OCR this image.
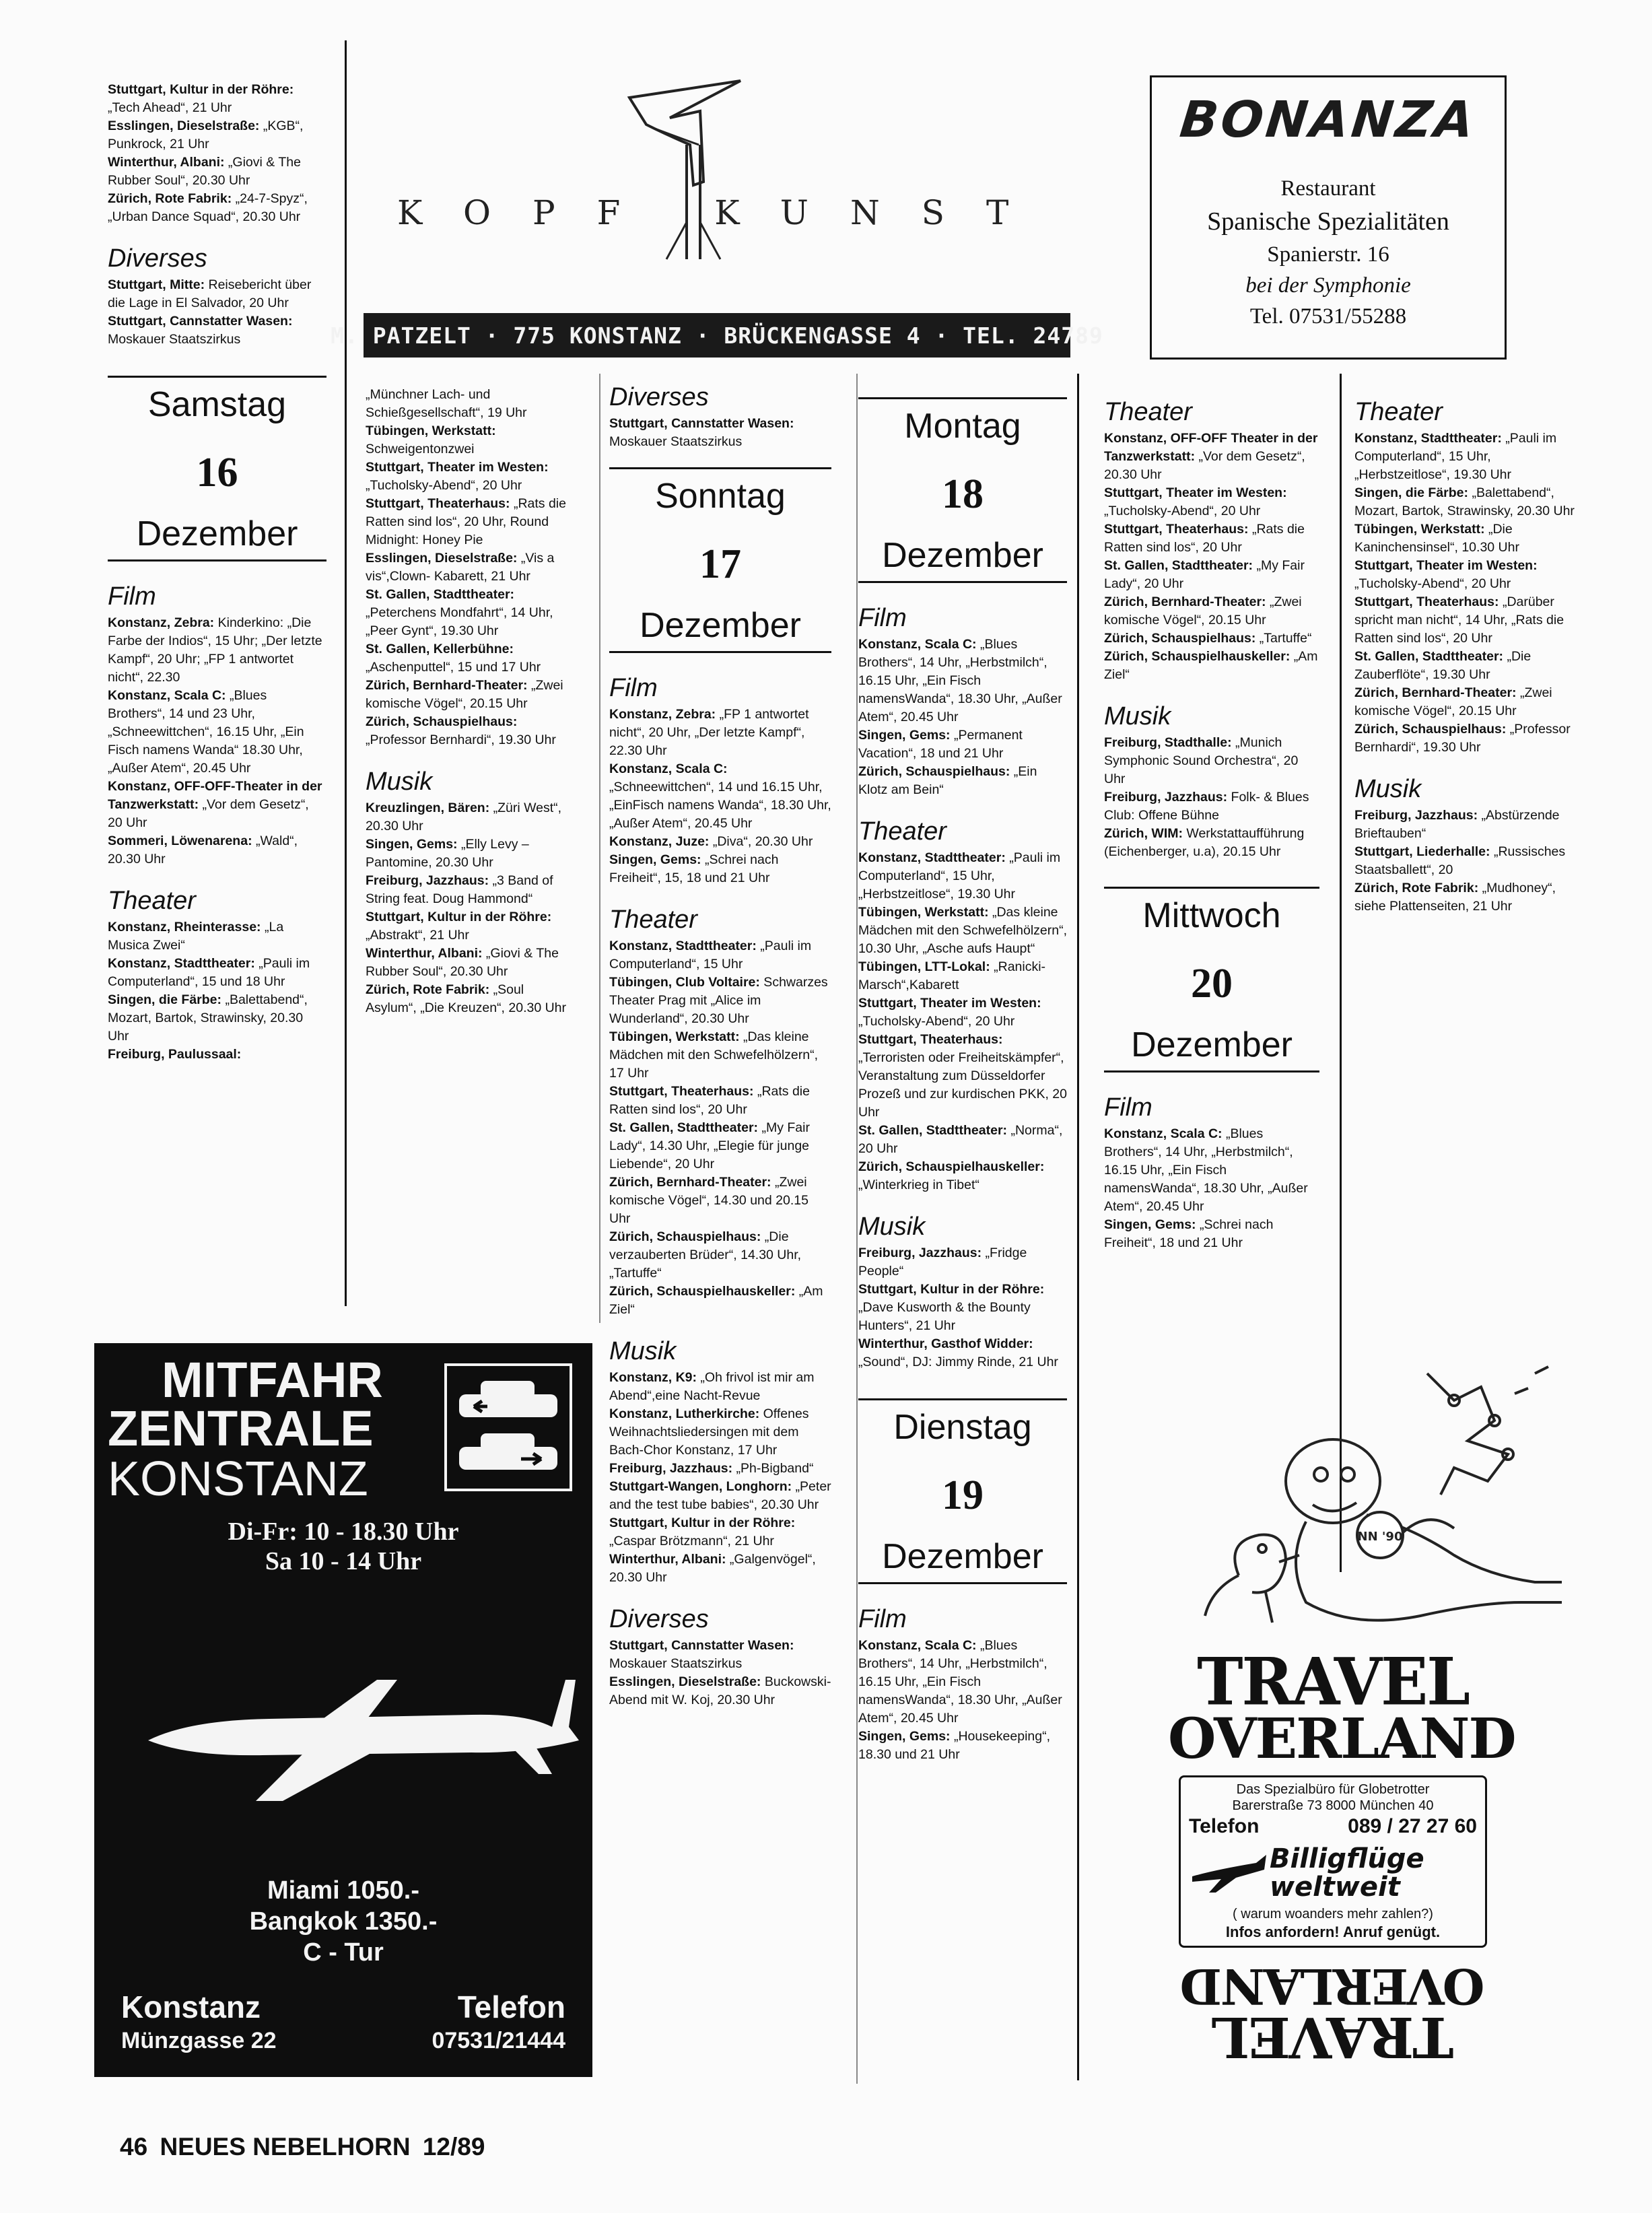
Stuttgart, Kultur in der Röhre: „Tech Ahead“, 21 Uhr

Esslingen, Dieselstraße: „KGB“, Punkrock, 21 Uhr

Winterthur, Albani: „Giovi & The Rubber Soul“, 20.30 Uhr

Zürich, Rote Fabrik: „24-7-Spyz“, „Urban Dance Squad“, 20.30 Uhr

Diverses

Stuttgart, Mitte: Reisebericht über die Lage in El Salvador, 20 Uhr

Stuttgart, Cannstatter Wasen: Moskauer Staatszirkus

Samstag
16
Dezember
Film

Konstanz, Zebra: Kinderkino: „Die Farbe der Indios“, 15 Uhr; „Der letzte Kampf“, 20 Uhr; „FP 1 antwortet nicht“, 22.30

Konstanz, Scala C: „Blues Brothers“, 14 und 23 Uhr, „Schneewittchen“, 16.15 Uhr, „Ein Fisch namens Wanda“ 18.30 Uhr, „Außer Atem“, 20.45 Uhr

Konstanz, OFF-OFF-Theater in der Tanzwerkstatt: „Vor dem Gesetz“, 20 Uhr

Sommeri, Löwenarena: „Wald“, 20.30 Uhr

Theater

Konstanz, Rheinterasse: „La Musica Zwei“

Konstanz, Stadttheater: „Pauli im Computerland“, 15 und 18 Uhr

Singen, die Färbe: „Balettabend“, Mozart, Bartok, Strawinsky, 20.30 Uhr

Freiburg, Paulussaal:

KOPF KUNST
M. PATZELT · 775 KONSTANZ · BRÜCKENGASSE 4 · TEL. 24789

„Münchner Lach- und Schießgesellschaft“, 19 Uhr

Tübingen, Werkstatt: Schweigentonzwei

Stuttgart, Theater im Westen: „Tucholsky-Abend“, 20 Uhr

Stuttgart, Theaterhaus: „Rats die Ratten sind los“, 20 Uhr, Round Midnight: Honey Pie

Esslingen, Dieselstraße: „Vis a vis“,Clown- Kabarett, 21 Uhr

St. Gallen, Stadttheater: „Peterchens Mondfahrt“, 14 Uhr, „Peer Gynt“, 19.30 Uhr

St. Gallen, Kellerbühne: „Aschenputtel“, 15 und 17 Uhr

Zürich, Bernhard-Theater: „Zwei komische Vögel“, 20.15 Uhr

Zürich, Schauspielhaus: „Professor Bernhardi“, 19.30 Uhr

Musik

Kreuzlingen, Bären: „Züri West“, 20.30 Uhr

Singen, Gems: „Elly Levy – Pantomine, 20.30 Uhr

Freiburg, Jazzhaus: „3 Band of String feat. Doug Hammond“

Stuttgart, Kultur in der Röhre: „Abstrakt“, 21 Uhr

Winterthur, Albani: „Giovi & The Rubber Soul“, 20.30 Uhr

Zürich, Rote Fabrik: „Soul Asylum“, „Die Kreuzen“, 20.30 Uhr

Diverses

Stuttgart, Cannstatter Wasen: Moskauer Staatszirkus

Sonntag
17
Dezember
Film

Konstanz, Zebra: „FP 1 antwortet nicht“, 20 Uhr, „Der letzte Kampf“, 22.30 Uhr

Konstanz, Scala C: „Schneewittchen“, 14 und 16.15 Uhr, „EinFisch namens Wanda“, 18.30 Uhr, „Außer Atem“, 20.45 Uhr

Konstanz, Juze: „Diva“, 20.30 Uhr

Singen, Gems: „Schrei nach Freiheit“, 15, 18 und 21 Uhr

Theater

Konstanz, Stadttheater: „Pauli im Computerland“, 15 Uhr

Tübingen, Club Voltaire: Schwarzes Theater Prag mit „Alice im Wunderland“, 20.30 Uhr

Tübingen, Werkstatt: „Das kleine Mädchen mit den Schwefelhölzern“, 17 Uhr

Stuttgart, Theaterhaus: „Rats die Ratten sind los“, 20 Uhr

St. Gallen, Stadttheater: „My Fair Lady“, 14.30 Uhr, „Elegie für junge Liebende“, 20 Uhr

Zürich, Bernhard-Theater: „Zwei komische Vögel“, 14.30 und 20.15 Uhr

Zürich, Schauspielhaus: „Die verzauberten Brüder“, 14.30 Uhr, „Tartuffe“

Zürich, Schauspielhauskeller: „Am Ziel“

Musik

Konstanz, K9: „Oh frivol ist mir am Abend“,eine Nacht-Revue

Konstanz, Lutherkirche: Offenes Weihnachtsliedersingen mit dem Bach-Chor Konstanz, 17 Uhr

Freiburg, Jazzhaus: „Ph-Bigband“

Stuttgart-Wangen, Longhorn: „Peter and the test tube babies“, 20.30 Uhr

Stuttgart, Kultur in der Röhre: „Caspar Brötzmann“, 21 Uhr

Winterthur, Albani: „Galgenvögel“, 20.30 Uhr

Diverses

Stuttgart, Cannstatter Wasen: Moskauer Staatszirkus

Esslingen, Dieselstraße: Buckowski-Abend mit W. Koj, 20.30 Uhr

Montag
18
Dezember
Film

Konstanz, Scala C: „Blues Brothers“, 14 Uhr, „Herbstmilch“, 16.15 Uhr, „Ein Fisch namensWanda“, 18.30 Uhr, „Außer Atem“, 20.45 Uhr

Singen, Gems: „Permanent Vacation“, 18 und 21 Uhr

Zürich, Schauspielhaus: „Ein Klotz am Bein“

Theater

Konstanz, Stadttheater: „Pauli im Computerland“, 15 Uhr, „Herbstzeitlose“, 19.30 Uhr

Tübingen, Werkstatt: „Das kleine Mädchen mit den Schwefelhölzern“, 10.30 Uhr, „Asche aufs Haupt“

Tübingen, LTT-Lokal: „Ranicki-Marsch“,Kabarett

Stuttgart, Theater im Westen: „Tucholsky-Abend“, 20 Uhr

Stuttgart, Theaterhaus: „Terroristen oder Freiheitskämpfer“, Veranstaltung zum Düsseldorfer Prozeß und zur kurdischen PKK, 20 Uhr

St. Gallen, Stadttheater: „Norma“, 20 Uhr

Zürich, Schauspielhauskeller: „Winterkrieg in Tibet“

Musik

Freiburg, Jazzhaus: „Fridge People“

Stuttgart, Kultur in der Röhre: „Dave Kusworth & the Bounty Hunters“, 21 Uhr

Winterthur, Gasthof Widder: „Sound“, DJ: Jimmy Rinde, 21 Uhr

Dienstag
19
Dezember
Film

Konstanz, Scala C: „Blues Brothers“, 14 Uhr, „Herbstmilch“, 16.15 Uhr, „Ein Fisch namensWanda“, 18.30 Uhr, „Außer Atem“, 20.45 Uhr

Singen, Gems: „Housekeeping“, 18.30 und 21 Uhr

BONANZA
Restaurant
Spanische Spezialitäten
Spanierstr. 16
bei der Symphonie
Tel. 07531/55288
Theater

Konstanz, OFF-OFF Theater in der Tanzwerkstatt: „Vor dem Gesetz“, 20.30 Uhr

Stuttgart, Theater im Westen: „Tucholsky-Abend“, 20 Uhr

Stuttgart, Theaterhaus: „Rats die Ratten sind los“, 20 Uhr

St. Gallen, Stadttheater: „My Fair Lady“, 20 Uhr

Zürich, Bernhard-Theater: „Zwei komische Vögel“, 20.15 Uhr

Zürich, Schauspielhaus: „Tartuffe“

Zürich, Schauspielhauskeller: „Am Ziel“

Musik

Freiburg, Stadthalle: „Munich Symphonic Sound Orchestra“, 20 Uhr

Freiburg, Jazzhaus: Folk- & Blues Club: Offene Bühne

Zürich, WIM: Werkstattaufführung (Eichenberger, u.a), 20.15 Uhr

Mittwoch
20
Dezember
Film

Konstanz, Scala C: „Blues Brothers“, 14 Uhr, „Herbstmilch“, 16.15 Uhr, „Ein Fisch namensWanda“, 18.30 Uhr, „Außer Atem“, 20.45 Uhr

Singen, Gems: „Schrei nach Freiheit“, 18 und 21 Uhr

Theater

Konstanz, Stadttheater: „Pauli im Computerland“, 15 Uhr, „Herbstzeitlose“, 19.30 Uhr

Singen, die Färbe: „Balettabend“, Mozart, Bartok, Strawinsky, 20.30 Uhr

Tübingen, Werkstatt: „Die Kaninchensinsel“, 10.30 Uhr

Stuttgart, Theater im Westen: „Tucholsky-Abend“, 20 Uhr

Stuttgart, Theaterhaus: „Darüber spricht man nicht“, 14 Uhr, „Rats die Ratten sind los“, 20 Uhr

St. Gallen, Stadttheater: „Die Zauberflöte“, 19.30 Uhr

Zürich, Bernhard-Theater: „Zwei komische Vögel“, 20.15 Uhr

Zürich, Schauspielhaus: „Professor Bernhardi“, 19.30 Uhr

Musik

Freiburg, Jazzhaus: „Abstürzende Brieftauben“

Stuttgart, Liederhalle: „Russisches Staatsballett“, 20

Zürich, Rote Fabrik: „Mudhoney“, siehe Plattenseiten, 21 Uhr

MITFAHR
ZENTRALE
KONSTANZ
Di-Fr: 10 - 18.30 Uhr
Sa 10 - 14 Uhr
Miami 1050.-
Bangkok 1350.-
C - Tur
Konstanz
Münzgasse 22
Telefon
07531/21444
NN '90
TRAVEL
OVERLAND
Das Spezialbüro für Globetrotter
Barerstraße 73 8000 München 40
Telefon	089 / 27 27 60
Billigflüge
weltweit
( warum woanders mehr zahlen?)
Infos anfordern! Anruf genügt.
TRAVEL
OVERLAND
46 NEUES NEBELHORN 12/89
